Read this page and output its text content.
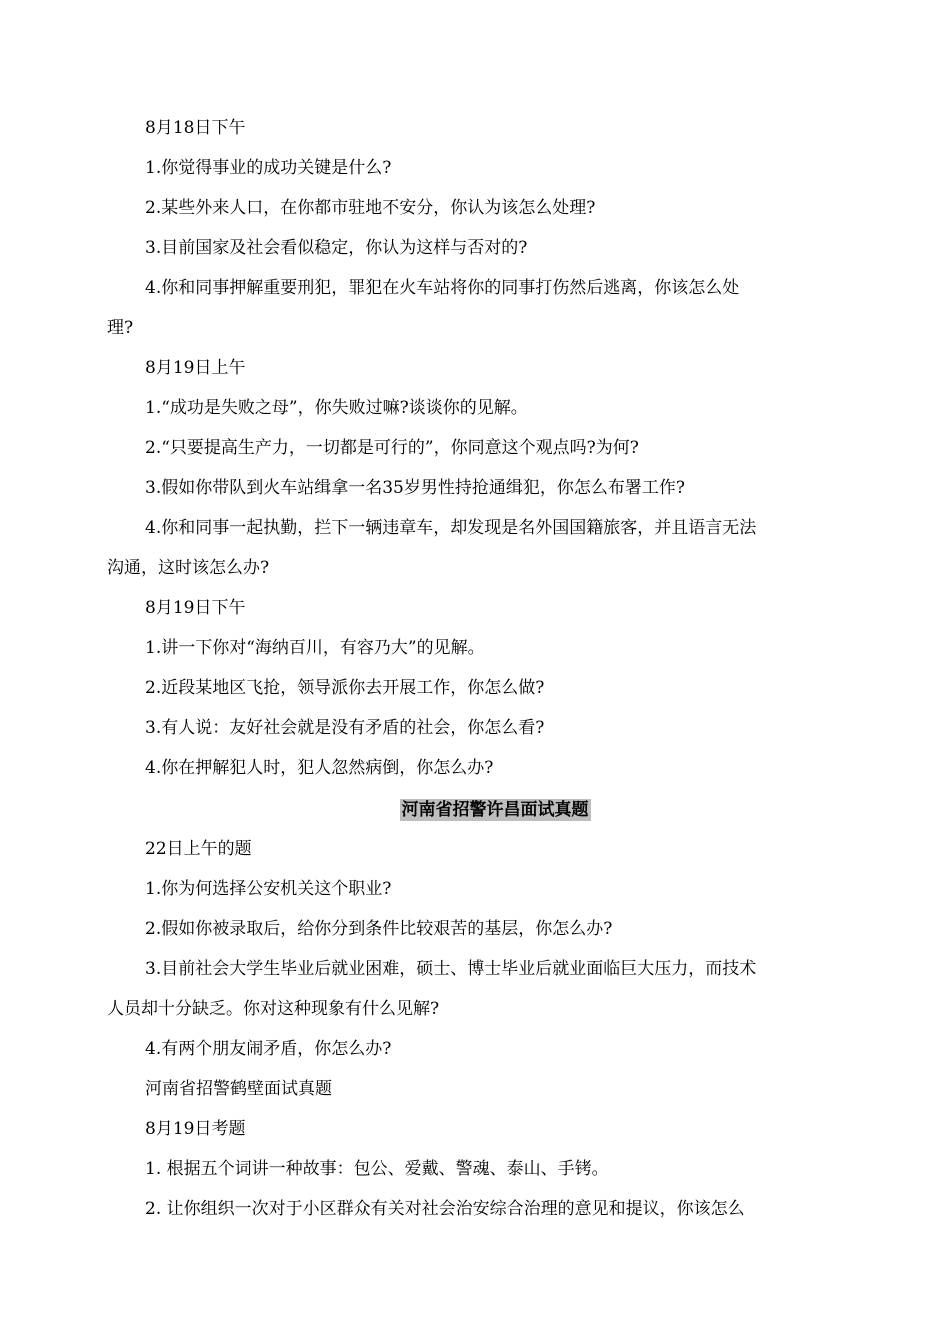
8月18日下午
1.你觉得事业的成功关键是什么?
2.某些外来人口，在你都市驻地不安分，你认为该怎么处理?
3.目前国家及社会看似稳定，你认为这样与否对的?
4.你和同事押解重要刑犯，罪犯在火车站将你的同事打伤然后逃离，你该怎么处
理?
8月19日上午
1.“成功是失败之母”，你失败过嘛?谈谈你的见解。
2.“只要提高生产力，一切都是可行的”，你同意这个观点吗?为何?
3.假如你带队到火车站缉拿一名35岁男性持抢通缉犯，你怎么布署工作?
4.你和同事一起执勤，拦下一辆违章车，却发现是名外国国籍旅客，并且语言无法
沟通，这时该怎么办?
8月19日下午
1.讲一下你对“海纳百川，有容乃大”的见解。
2.近段某地区飞抢，领导派你去开展工作，你怎么做?
3.有人说：友好社会就是没有矛盾的社会，你怎么看?
4.你在押解犯人时，犯人忽然病倒，你怎么办?
河南省招警许昌面试真题
22日上午的题
1.你为何选择公安机关这个职业?
2.假如你被录取后，给你分到条件比较艰苦的基层，你怎么办?
3.目前社会大学生毕业后就业困难，硕士、博士毕业后就业面临巨大压力，而技术
人员却十分缺乏。你对这种现象有什么见解?
4.有两个朋友闹矛盾，你怎么办?
河南省招警鹤壁面试真题
8月19日考题
1. 根据五个词讲一种故事：包公、爱戴、警魂、泰山、手铐。
2. 让你组织一次对于小区群众有关对社会治安综合治理的意见和提议，你该怎么
